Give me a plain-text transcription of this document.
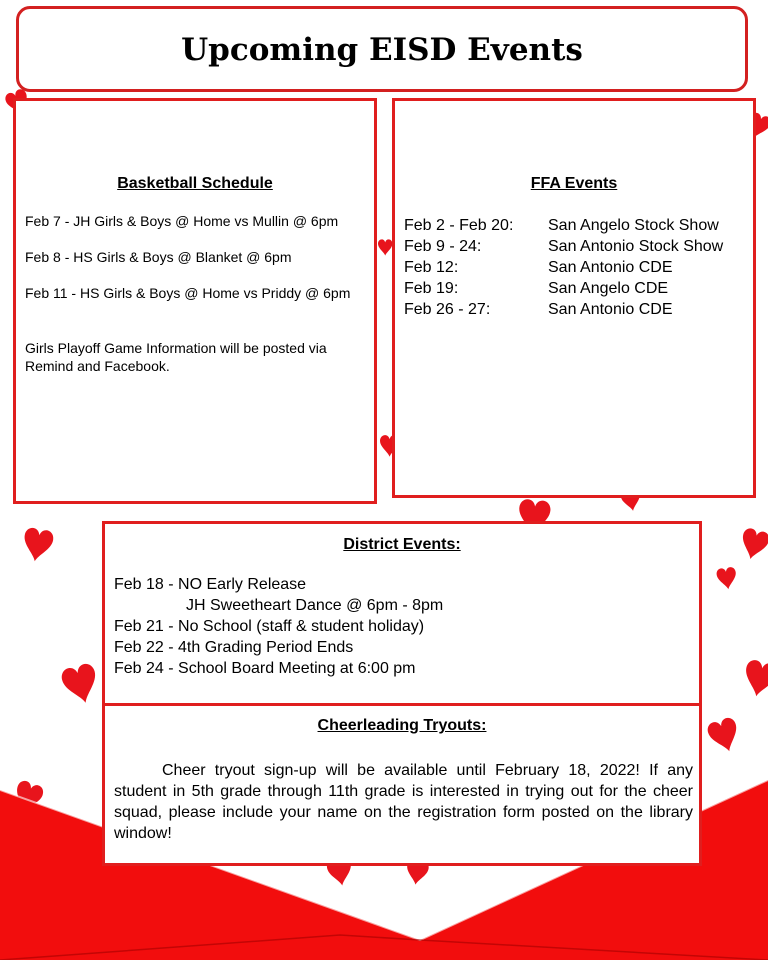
Upcoming EISD Events
Basketball Schedule
Feb 7 - JH Girls & Boys @ Home vs Mullin @ 6pm
Feb 8 - HS Girls & Boys @ Blanket @ 6pm
Feb 11 - HS Girls & Boys @ Home vs Priddy @ 6pm
Girls Playoff Game Information will be posted via Remind and Facebook.
FFA Events
Feb 2 - Feb 20: San Angelo Stock Show
Feb 9 - 24:	San Antonio Stock Show
Feb 12:	San Antonio CDE
Feb 19:	San Angelo CDE
Feb 26 - 27:	San Antonio CDE
District Events:
Feb 18 - NO Early Release
JH Sweetheart Dance @ 6pm - 8pm
Feb 21 - No School (staff & student holiday)
Feb 22 - 4th Grading Period Ends
Feb 24 - School Board Meeting at 6:00 pm
Cheerleading Tryouts:
Cheer tryout sign-up will be available until February 18, 2022! If any student in 5th grade through 11th grade is interested in trying out for the cheer squad, please include your name on the registration form posted on the library window!
